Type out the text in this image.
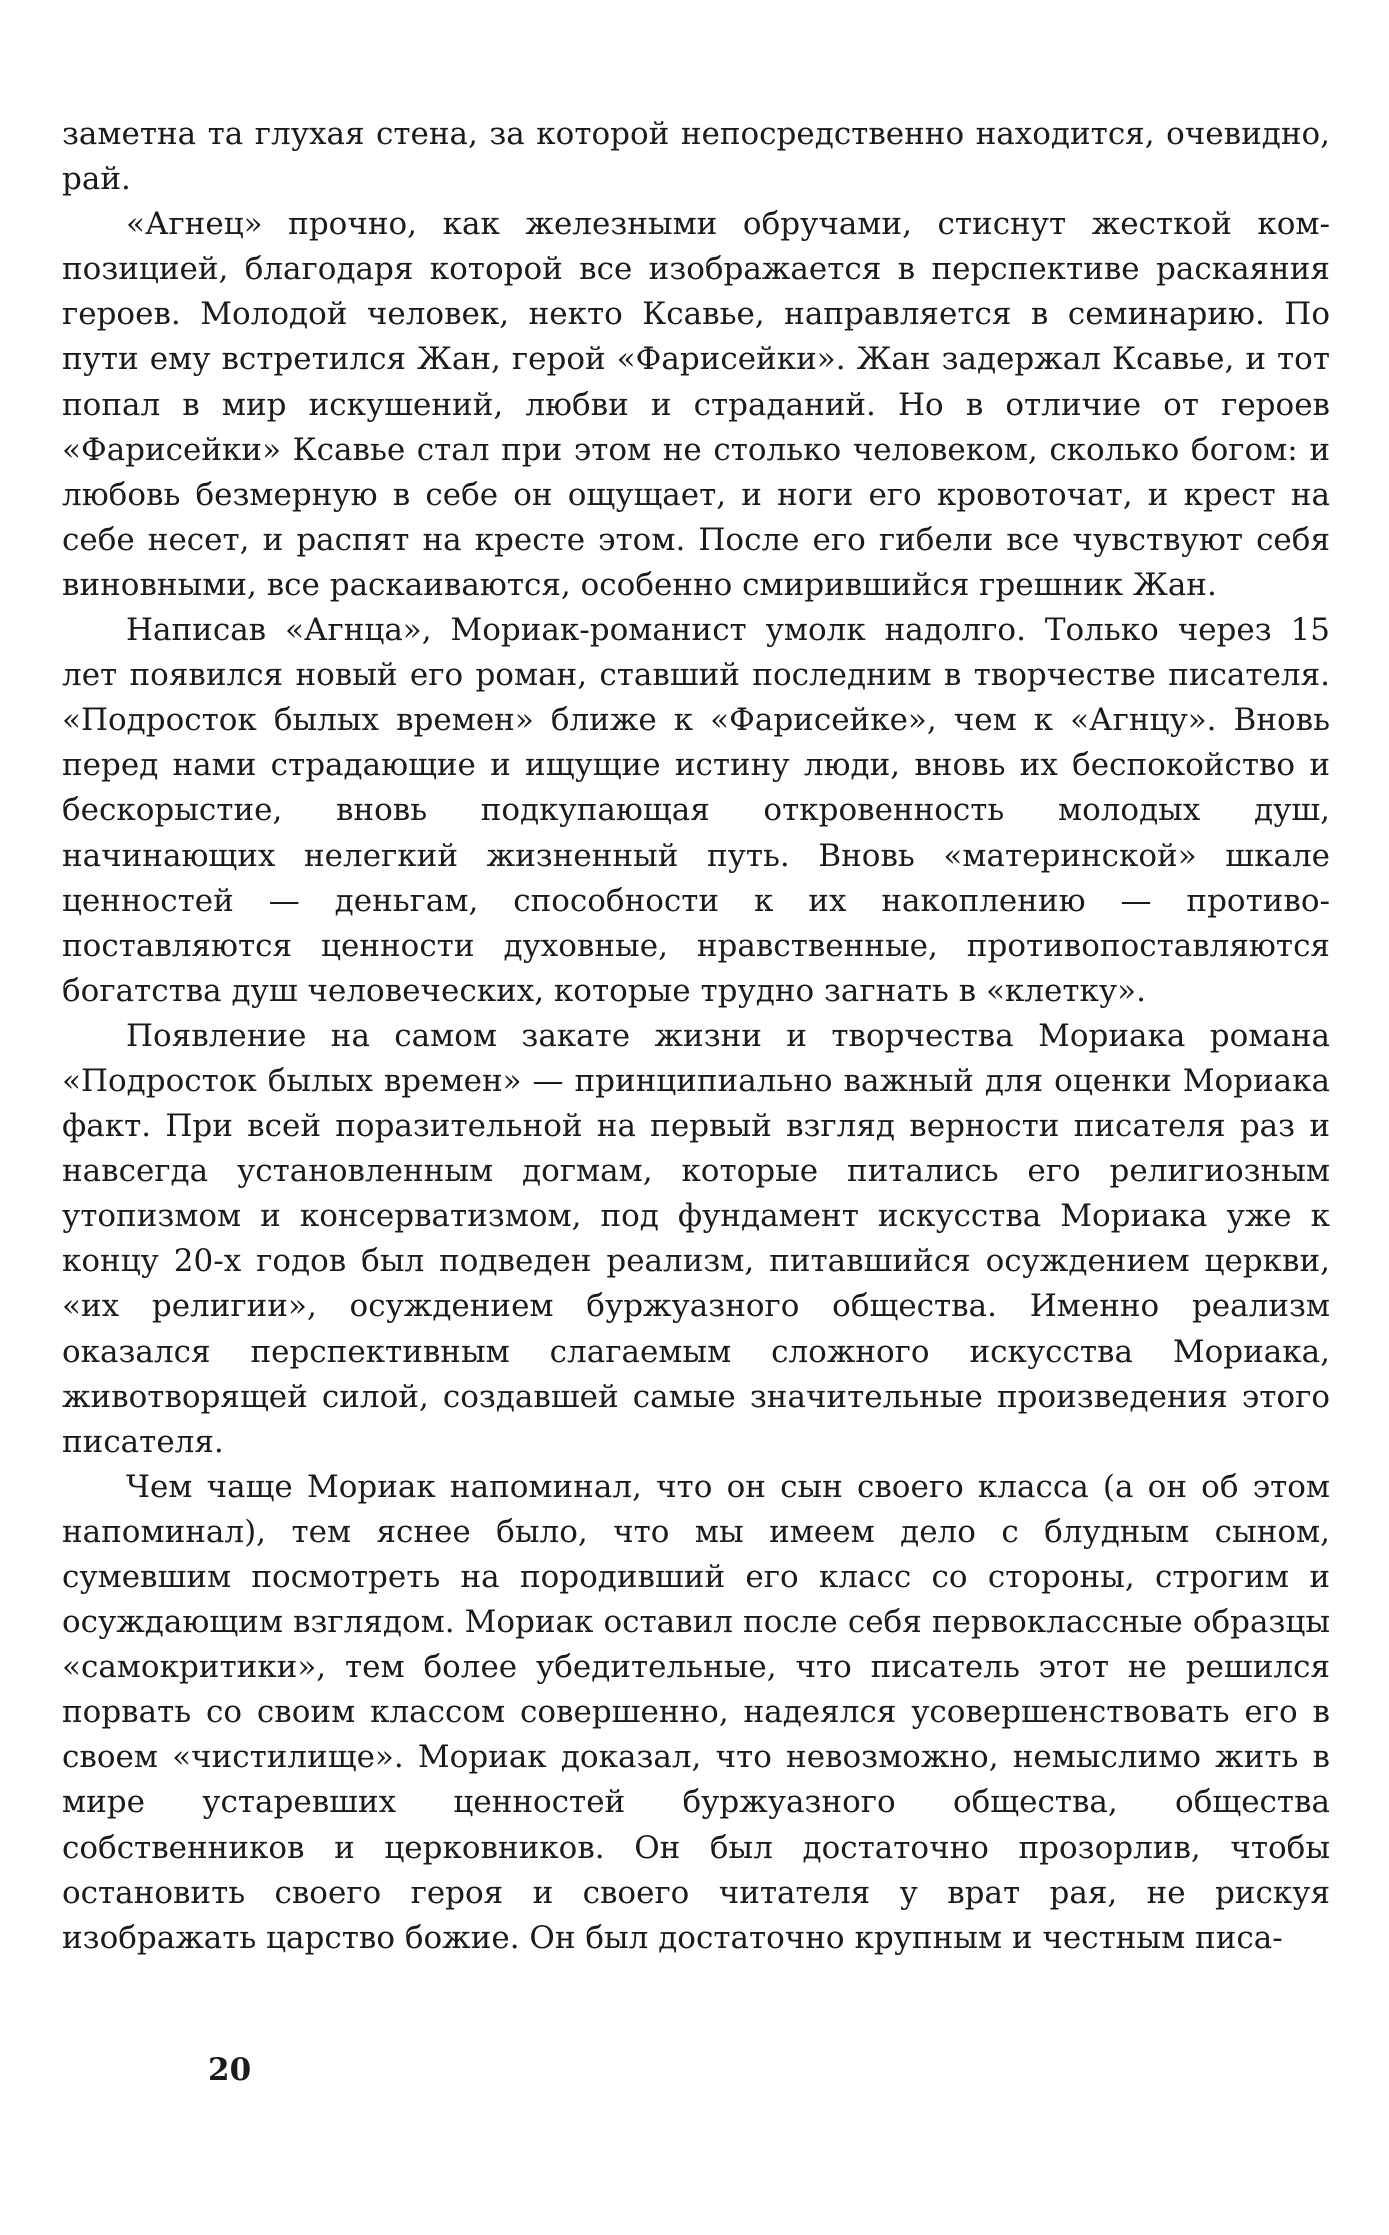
заметна та глухая стена, за которой непосредственно находится, очевидно, рай.

«Агнец» прочно, как железными обручами, стиснут жесткой композицией, благодаря которой все изображается в перспективе раскаяния героев. Молодой человек, некто Ксавье, направляется в семинарию. По пути ему встретился Жан, герой «Фарисейки». Жан задержал Ксавье, и тот попал в мир искушений, любви и страданий. Но в отличие от героев «Фарисейки» Ксавье стал при этом не столько человеком, сколько богом: и любовь безмерную в себе он ощущает, и ноги его кровоточат, и крест на себе несет, и распят на кресте этом. После его гибели все чувствуют себя виновными, все раскаиваются, особенно смирившийся грешник Жан.

Написав «Агнца», Мориак-романист умолк надолго. Только через 15 лет появился новый его роман, ставший последним в творчестве писателя. «Подросток былых времен» ближе к «Фарисейке», чем к «Агнцу». Вновь перед нами страдающие и ищущие истину люди, вновь их беспокойство и бескорыстие, вновь подкупающая откровенность молодых душ, начинающих нелегкий жизненный путь. Вновь «материнской» шкале ценностей — деньгам, способности к их накоплению — противопоставляются ценности духовные, нравственные, противопоставляются богатства душ человеческих, которые трудно загнать в «клетку».

Появление на самом закате жизни и творчества Мориака романа «Подросток былых времен» — принципиально важный для оценки Мориака факт. При всей поразительной на первый взгляд верности писателя раз и навсегда установленным догмам, которые питались его религиозным утопизмом и консерватизмом, под фундамент искусства Мориака уже к концу 20-х годов был подведен реализм, питавшийся осуждением церкви, «их религии», осуждением буржуазного общества. Именно реализм оказался перспективным слагаемым сложного искусства Мориака, животворящей силой, создавшей самые значительные произведения этого писателя.

Чем чаще Мориак напоминал, что он сын своего класса (а он об этом напоминал), тем яснее было, что мы имеем дело с блудным сыном, сумевшим посмотреть на породивший его класс со стороны, строгим и осуждающим взглядом. Мориак оставил после себя первоклассные образцы «самокритики», тем более убедительные, что писатель этот не решился порвать со своим классом совершенно, надеялся усовершенствовать его в своем «чистилище». Мориак доказал, что невозможно, немыслимо жить в мире устаревших ценностей буржуазного общества, общества собственников и церковников. Он был достаточно прозорлив, чтобы остановить своего героя и своего читателя у врат рая, не рискуя изображать царство божие. Он был достаточно крупным и честным писа-

20
